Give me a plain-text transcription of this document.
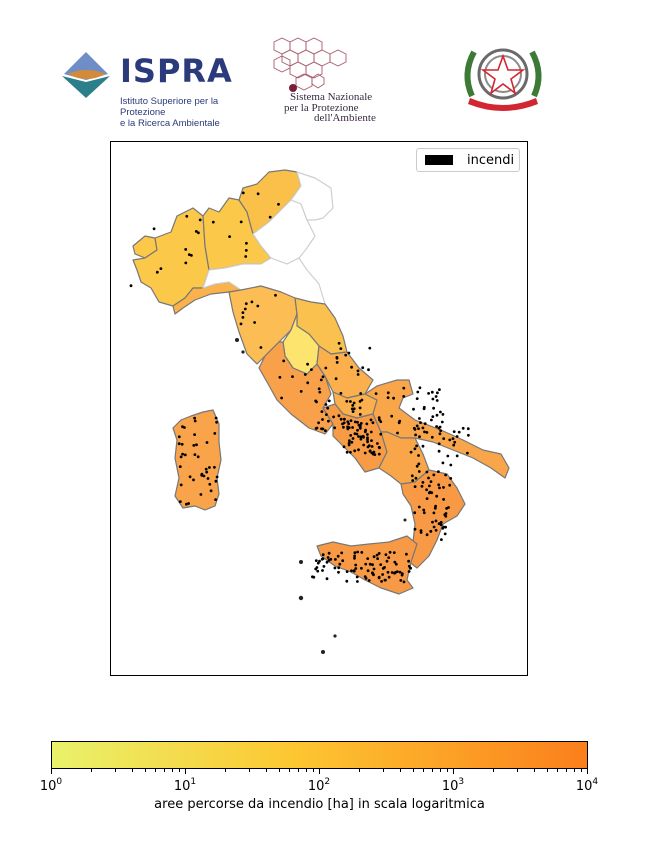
ISPRA
Istituto Superiore per la Protezione
e la Ricerca Ambientale
Sistema Nazionale
per la Protezione
dell'Ambiente
incendi
$10^0$	$10^1$	$10^2$	$10^3$	$10^4$
aree percorse da incendio [ha] in scala logaritmica
